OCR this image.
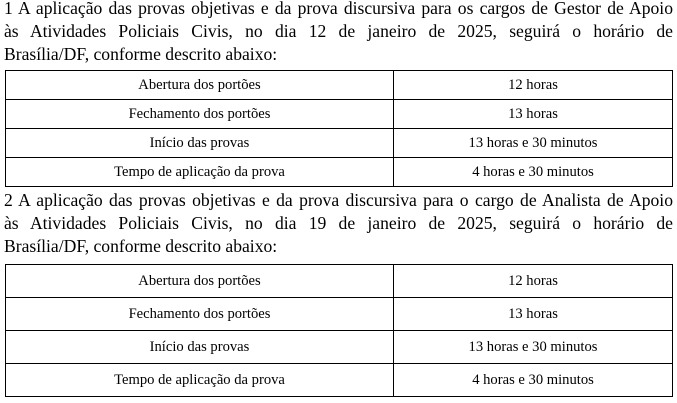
1 A aplicação das provas objetivas e da prova discursiva para os cargos de Gestor de Apoio
às Atividades Policiais Civis, no dia 12 de janeiro de 2025, seguirá o horário de
Brasília/DF, conforme descrito abaixo:

Abertura dos portões	12 horas
Fechamento dos portões	13 horas
Início das provas	13 horas e 30 minutos
Tempo de aplicação da prova	4 horas e 30 minutos

2 A aplicação das provas objetivas e da prova discursiva para o cargo de Analista de Apoio
às Atividades Policiais Civis, no dia 19 de janeiro de 2025, seguirá o horário de
Brasília/DF, conforme descrito abaixo:

Abertura dos portões	12 horas
Fechamento dos portões	13 horas
Início das provas	13 horas e 30 minutos
Tempo de aplicação da prova	4 horas e 30 minutos
